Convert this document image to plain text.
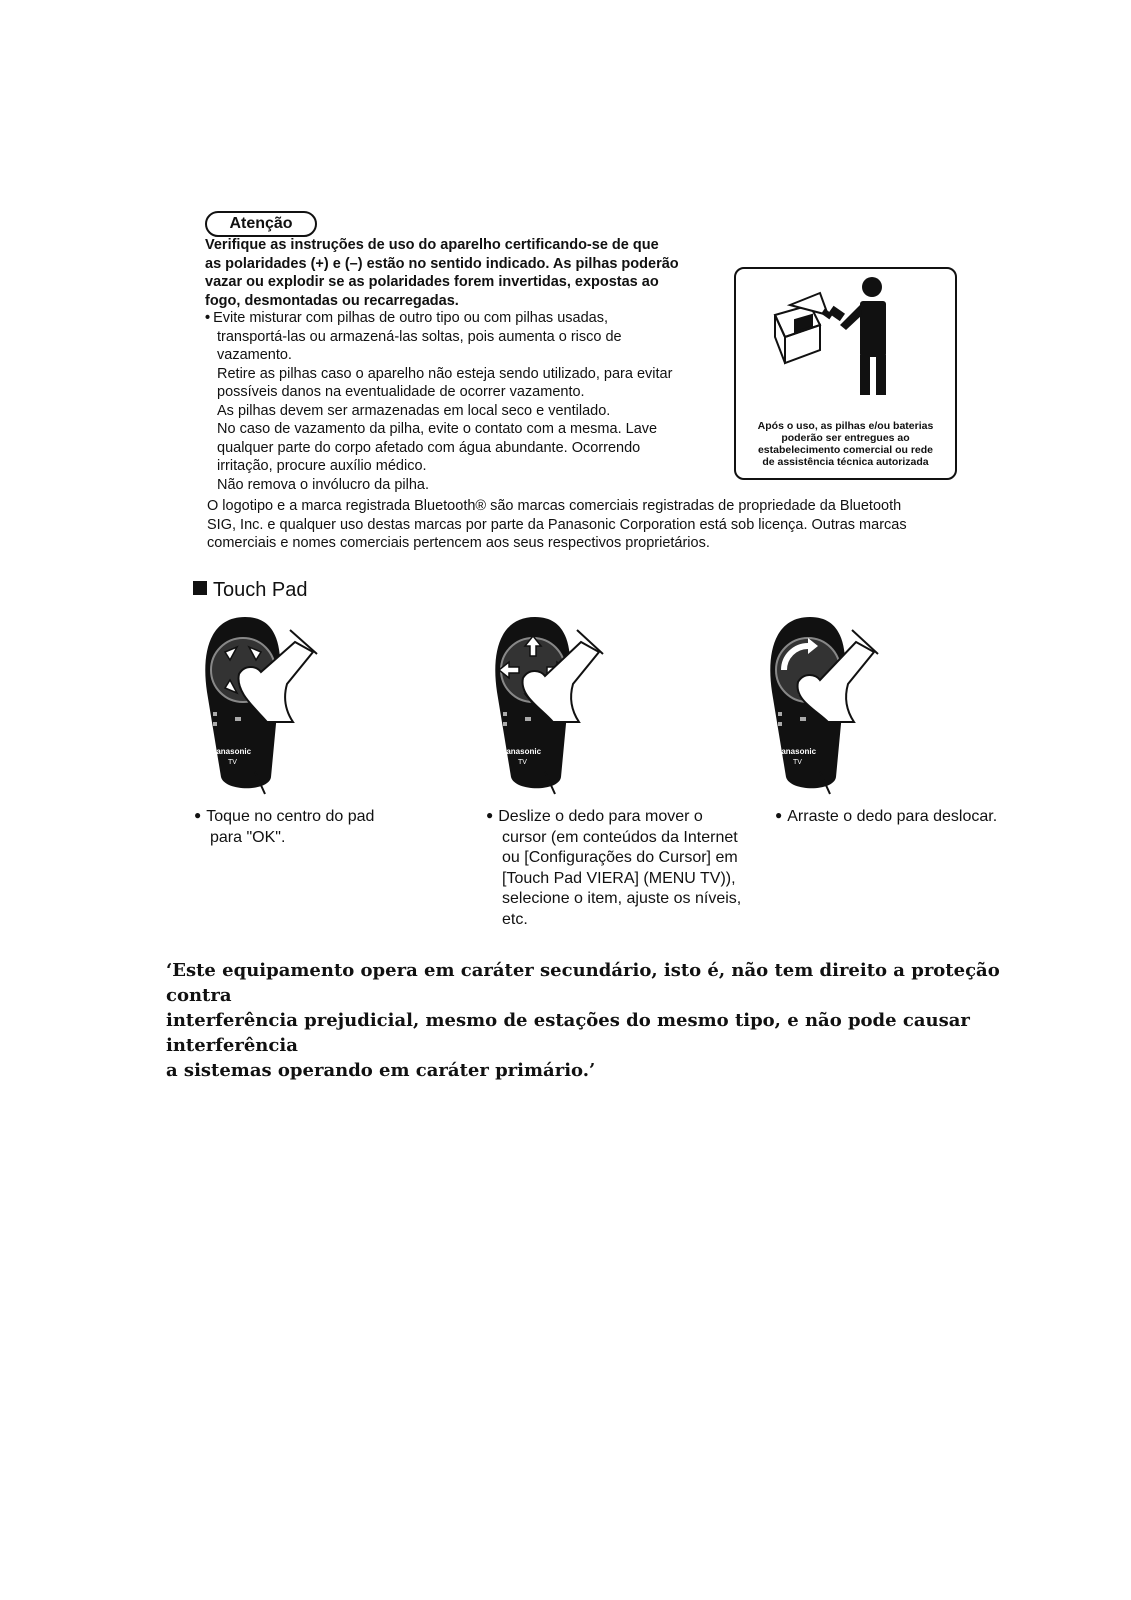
Atenção
Verifique as instruções de uso do aparelho certificando-se de que
as polaridades (+) e (–) estão no sentido indicado. As pilhas poderão
vazar ou explodir se as polaridades forem invertidas, expostas ao
fogo, desmontadas ou recarregadas.

• Evite misturar com pilhas de outro tipo ou com pilhas usadas,

transportá-las ou armazená-las soltas, pois aumenta o risco de

vazamento.

Retire as pilhas caso o aparelho não esteja sendo utilizado, para evitar

possíveis danos na eventualidade de ocorrer vazamento.

As pilhas devem ser armazenadas em local seco e ventilado.

No caso de vazamento da pilha, evite o contato com a mesma. Lave

qualquer parte do corpo afetado com água abundante. Ocorrendo

irritação, procure auxílio médico.

Não remova o invólucro da pilha.

Após o uso, as pilhas e/ou baterias
poderão ser entregues ao
estabelecimento comercial ou rede
de assistência técnica autorizada
O logotipo e a marca registrada Bluetooth® são marcas comerciais registradas de propriedade da Bluetooth
SIG, Inc. e qualquer uso destas marcas por parte da Panasonic Corporation está sob licença. Outras marcas
comerciais e nomes comerciais pertencem aos seus respectivos proprietários.
Touch Pad
Panasonic
TV
Panasonic
TV
Panasonic
TV
● Toque no centro do pad
para "OK".
● Deslize o dedo para mover o
cursor (em conteúdos da Internet
ou [Configurações do Cursor] em
[Touch Pad VIERA] (MENU TV)),
selecione o item, ajuste os níveis,
etc.
● Arraste o dedo para deslocar.
‘Este equipamento opera em caráter secundário, isto é, não tem direito a proteção contra
interferência prejudicial, mesmo de estações do mesmo tipo, e não pode causar interferência
a sistemas operando em caráter primário.’
